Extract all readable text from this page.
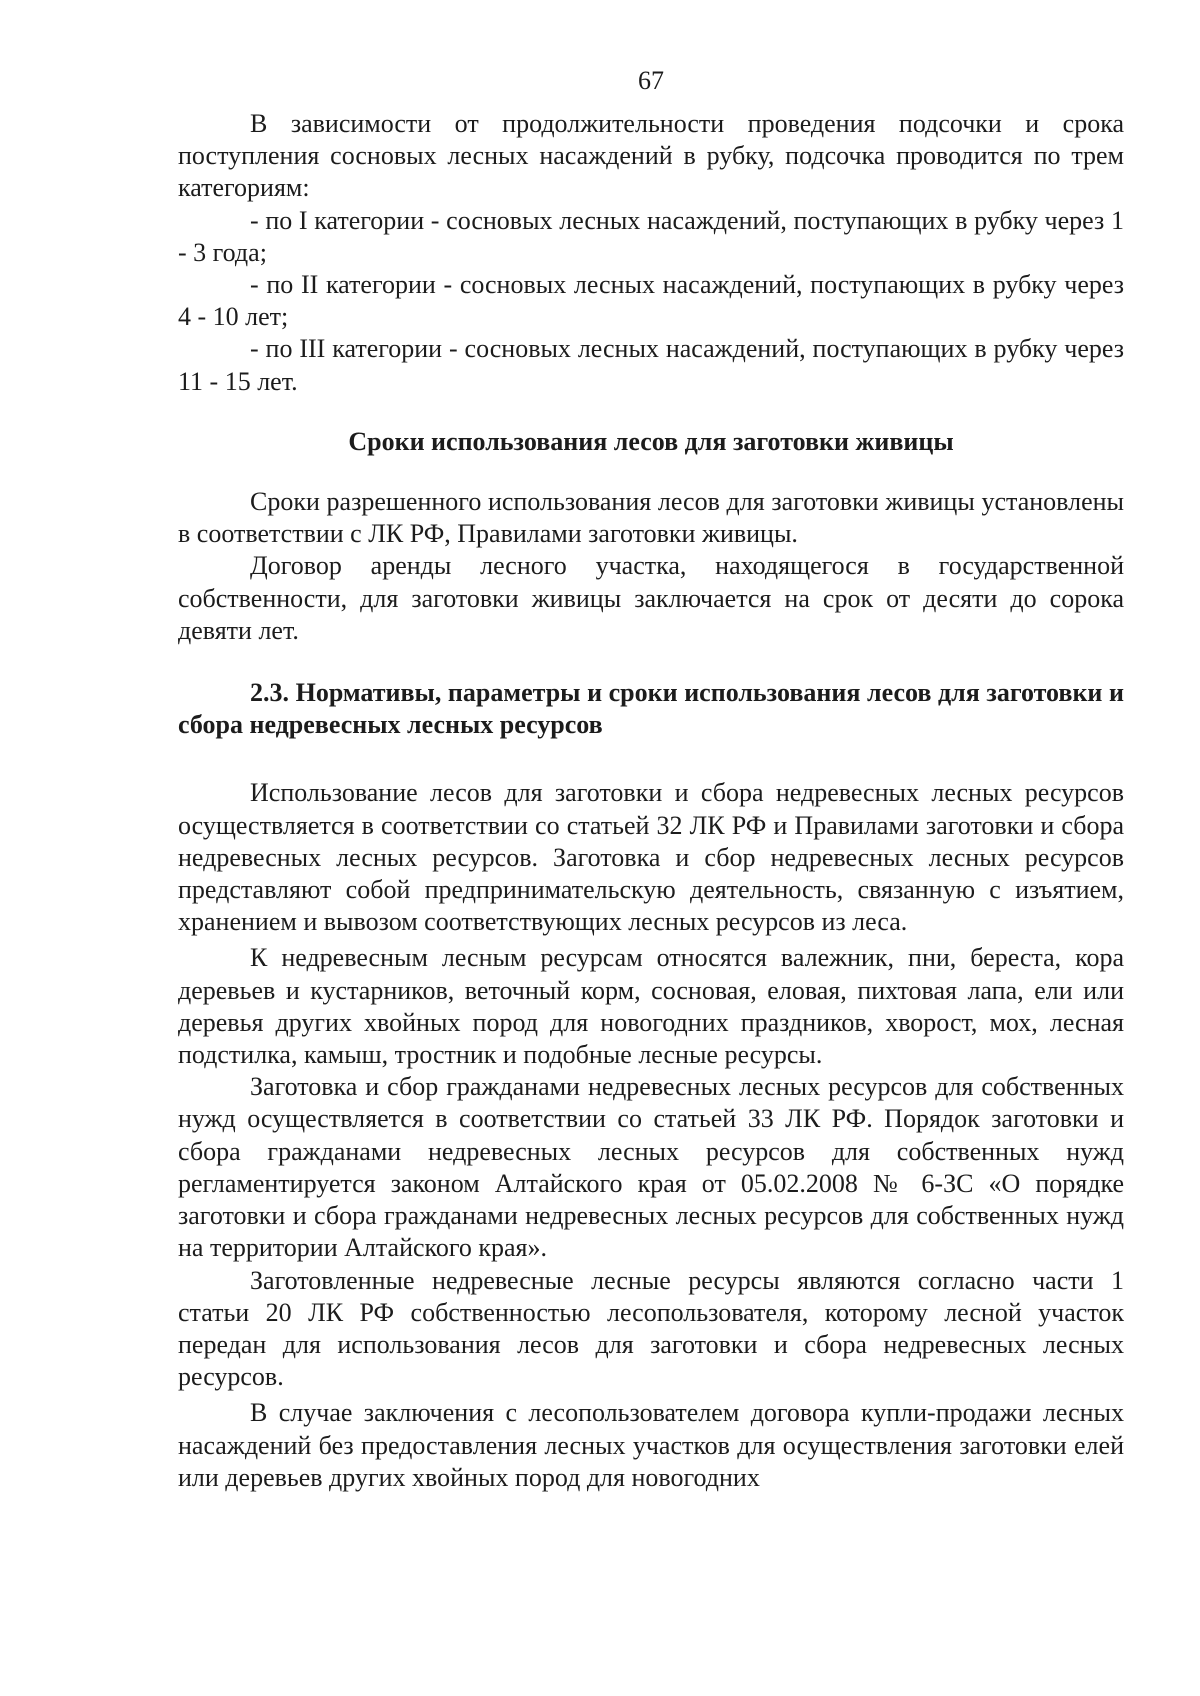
67

В зависимости от продолжительности проведения подсочки и срока поступления сосновых лесных насаждений в рубку, подсочка проводится по трем категориям:

- по I категории - сосновых лесных насаждений, поступающих в рубку через 1 - 3 года;

- по II категории - сосновых лесных насаждений, поступающих в рубку через 4 - 10 лет;

- по III категории - сосновых лесных насаждений, поступающих в рубку через 11 - 15 лет.

Сроки использования лесов для заготовки живицы

Сроки разрешенного использования лесов для заготовки живицы установлены в соответствии с ЛК РФ, Правилами заготовки живицы.

Договор аренды лесного участка, находящегося в государственной собственности, для заготовки живицы заключается на срок от десяти до сорока девяти лет.

2.3. Нормативы, параметры и сроки использования лесов для заготовки и сбора недревесных лесных ресурсов

Использование лесов для заготовки и сбора недревесных лесных ресурсов осуществляется в соответствии со статьей 32 ЛК РФ и Правилами заготовки и сбора недревесных лесных ресурсов. Заготовка и сбор недревесных лесных ресурсов представляют собой предпринимательскую деятельность, связанную с изъятием, хранением и вывозом соответствующих лесных ресурсов из леса.

К недревесным лесным ресурсам относятся валежник, пни, береста, кора деревьев и кустарников, веточный корм, сосновая, еловая, пихтовая лапа, ели или деревья других хвойных пород для новогодних праздников, хворост, мох, лесная подстилка, камыш, тростник и подобные лесные ресурсы.

Заготовка и сбор гражданами недревесных лесных ресурсов для собственных нужд осуществляется в соответствии со статьей 33 ЛК РФ. Порядок заготовки и сбора гражданами недревесных лесных ресурсов для собственных нужд регламентируется законом Алтайского края от 05.02.2008 № 6-ЗС «О порядке заготовки и сбора гражданами недревесных лесных ресурсов для собственных нужд на территории Алтайского края».

Заготовленные недревесные лесные ресурсы являются согласно части 1 статьи 20 ЛК РФ собственностью лесопользователя, которому лесной участок передан для использования лесов для заготовки и сбора недревесных лесных ресурсов.

В случае заключения с лесопользователем договора купли-продажи лесных насаждений без предоставления лесных участков для осуществления заготовки елей или деревьев других хвойных пород для новогодних
